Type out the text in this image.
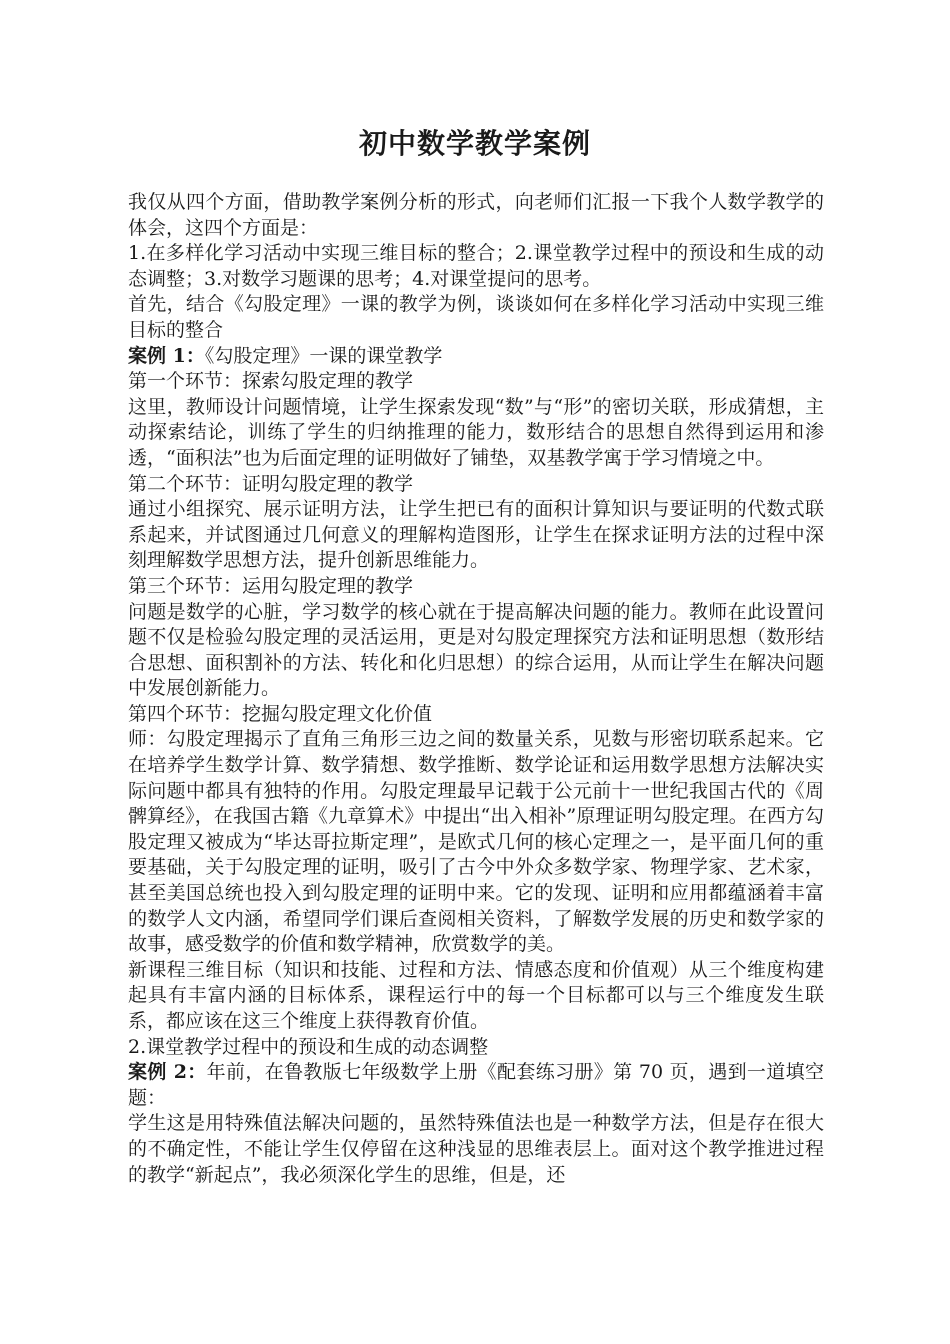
初中数学教学案例

我仅从四个方面，借助教学案例分析的形式，向老师们汇报一下我个人数学教学的体会，这四个方面是：

1.在多样化学习活动中实现三维目标的整合；2.课堂教学过程中的预设和生成的动态调整；3.对数学习题课的思考；4.对课堂提问的思考。

首先，结合《勾股定理》一课的教学为例，谈谈如何在多样化学习活动中实现三维目标的整合

案例 1：《勾股定理》一课的课堂教学

第一个环节：探索勾股定理的教学

这里，教师设计问题情境，让学生探索发现“数”与“形”的密切关联，形成猜想，主动探索结论，训练了学生的归纳推理的能力，数形结合的思想自然得到运用和渗透，“面积法”也为后面定理的证明做好了铺垫，双基教学寓于学习情境之中。

第二个环节：证明勾股定理的教学

通过小组探究、展示证明方法，让学生把已有的面积计算知识与要证明的代数式联系起来，并试图通过几何意义的理解构造图形，让学生在探求证明方法的过程中深刻理解数学思想方法，提升创新思维能力。

第三个环节：运用勾股定理的教学

问题是数学的心脏，学习数学的核心就在于提高解决问题的能力。教师在此设置问题不仅是检验勾股定理的灵活运用，更是对勾股定理探究方法和证明思想（数形结合思想、面积割补的方法、转化和化归思想）的综合运用，从而让学生在解决问题中发展创新能力。

第四个环节：挖掘勾股定理文化价值

师：勾股定理揭示了直角三角形三边之间的数量关系，见数与形密切联系起来。它在培养学生数学计算、数学猜想、数学推断、数学论证和运用数学思想方法解决实际问题中都具有独特的作用。勾股定理最早记载于公元前十一世纪我国古代的《周髀算经》，在我国古籍《九章算术》中提出“出入相补”原理证明勾股定理。在西方勾股定理又被成为“毕达哥拉斯定理”，是欧式几何的核心定理之一，是平面几何的重要基础，关于勾股定理的证明，吸引了古今中外众多数学家、物理学家、艺术家，甚至美国总统也投入到勾股定理的证明中来。它的发现、证明和应用都蕴涵着丰富的数学人文内涵，希望同学们课后查阅相关资料，了解数学发展的历史和数学家的故事，感受数学的价值和数学精神，欣赏数学的美。

新课程三维目标（知识和技能、过程和方法、情感态度和价值观）从三个维度构建起具有丰富内涵的目标体系，课程运行中的每一个目标都可以与三个维度发生联系，都应该在这三个维度上获得教育价值。

2.课堂教学过程中的预设和生成的动态调整

案例 2：年前，在鲁教版七年级数学上册《配套练习册》第 70 页，遇到一道填空题：

学生这是用特殊值法解决问题的，虽然特殊值法也是一种数学方法，但是存在很大的不确定性，不能让学生仅停留在这种浅显的思维表层上。面对这个教学推进过程的教学“新起点”，我必须深化学生的思维，但是，还
